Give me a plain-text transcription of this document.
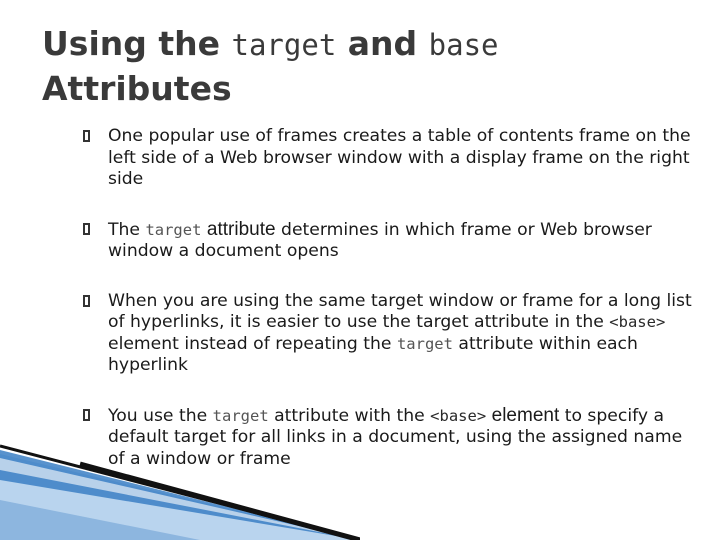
Using the target and base
Attributes
One popular use of frames creates a table of contents frame on the left side of a Web browser window with a display frame on the right side
The target attribute determines in which frame or Web browser window a document opens
When you are using the same target window or frame for a long list of hyperlinks, it is easier to use the target attribute in the <base> element instead of repeating the target attribute within each hyperlink
You use the target attribute with the <base> element to specify a default target for all links in a document, using the assigned name of a window or frame
